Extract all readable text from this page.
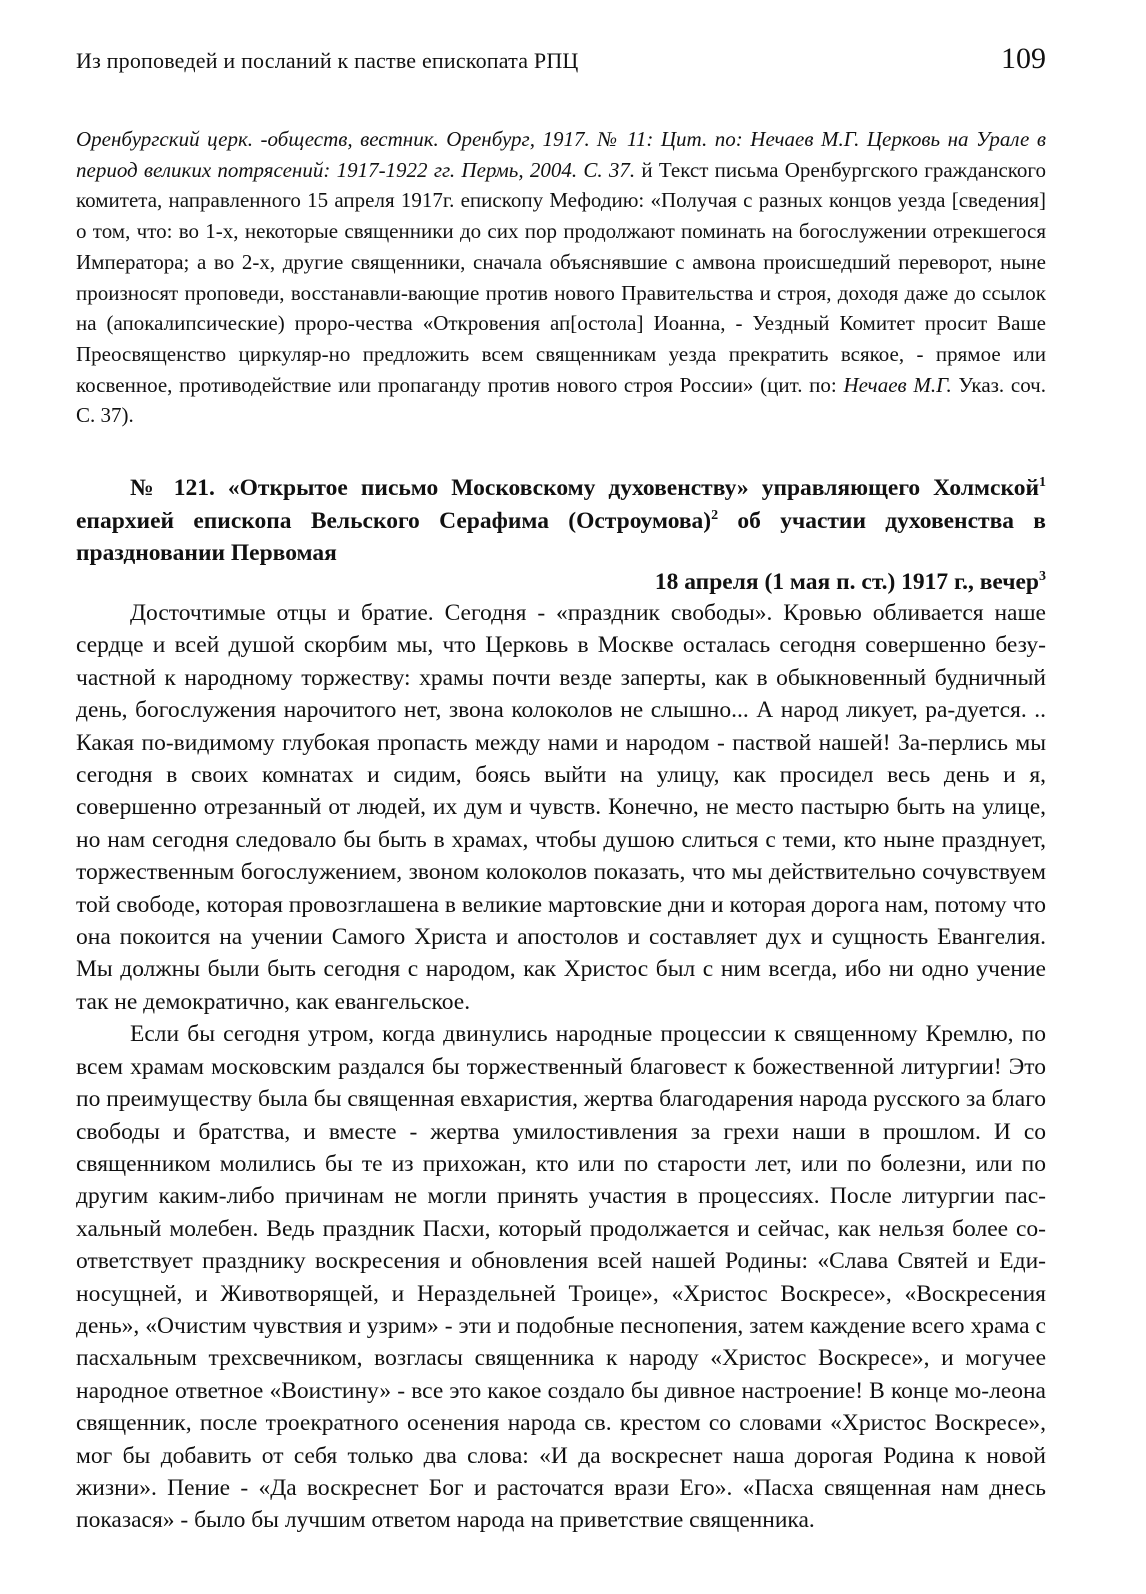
Из проповедей и посланий к пастве епископата РПЦ	109

Оренбургский церк. -обществ, вестник. Оренбург, 1917. № 11: Цит. по: Нечаев М.Г. Церковь на Урале в период великих потрясений: 1917-1922 гг. Пермь, 2004. С. 37. й Текст письма Оренбургского гражданского комитета, направленного 15 апреля 1917г. епископу Мефодию: «Получая с разных концов уезда [сведения] о том, что: во 1-х, некоторые священники до сих пор продолжают поминать на богослужении отрекшегося Императора; а во 2-х, другие священники, сначала объяснявшие с амвона происшедший переворот, ныне произносят проповеди, восстанавли-вающие против нового Правительства и строя, доходя даже до ссылок на (апокалипсические) проро-чества «Откровения ап[остола] Иоанна, - Уездный Комитет просит Ваше Преосвященство циркуляр-но предложить всем священникам уезда прекратить всякое, - прямое или косвенное, противодействие или пропаганду против нового строя России» (цит. по: Нечаев М.Г. Указ. соч. С. 37).

№ 121. «Открытое письмо Московскому духовенству» управляющего Холмской$^1$ епархией епископа Вельского Серафима (Остроумова)$^2$ об участии духовенства в праздновании Первомая

18 апреля (1 мая п. ст.) 1917 г., вечер$^3$

Досточтимые отцы и братие. Сегодня - «праздник свободы». Кровью обливается наше сердце и всей душой скорбим мы, что Церковь в Москве осталась сегодня совершенно безу-частной к народному торжеству: храмы почти везде заперты, как в обыкновенный будничный день, богослужения нарочитого нет, звона колоколов не слышно... А народ ликует, ра-дуется. .. Какая по-видимому глубокая пропасть между нами и народом - паствой нашей! За-перлись мы сегодня в своих комнатах и сидим, боясь выйти на улицу, как просидел весь день и я, совершенно отрезанный от людей, их дум и чувств. Конечно, не место пастырю быть на улице, но нам сегодня следовало бы быть в храмах, чтобы душою слиться с теми, кто ныне празднует, торжественным богослужением, звоном колоколов показать, что мы действительно сочувствуем той свободе, которая провозглашена в великие мартовские дни и которая дорога нам, потому что она покоится на учении Самого Христа и апостолов и составляет дух и сущность Евангелия. Мы должны были быть сегодня с народом, как Христос был с ним всегда, ибо ни одно учение так не демократично, как евангельское.

Если бы сегодня утром, когда двинулись народные процессии к священному Кремлю, по всем храмам московским раздался бы торжественный благовест к божественной литургии! Это по преимуществу была бы священная евхаристия, жертва благодарения народа русского за благо свободы и братства, и вместе - жертва умилостивления за грехи наши в прошлом. И со священником молились бы те из прихожан, кто или по старости лет, или по болезни, или по другим каким-либо причинам не могли принять участия в процессиях. После литургии пас-хальный молебен. Ведь праздник Пасхи, который продолжается и сейчас, как нельзя более со-ответствует празднику воскресения и обновления всей нашей Родины: «Слава Святей и Еди-носущней, и Животворящей, и Нераздельней Троице», «Христос Воскресе», «Воскресения день», «Очистим чувствия и узрим» - эти и подобные песнопения, затем каждение всего храма с пасхальным трехсвечником, возгласы священника к народу «Христос Воскресе», и могучее народное ответное «Воистину» - все это какое создало бы дивное настроение! В конце мо-леона священник, после троекратного осенения народа св. крестом со словами «Христос Воскресе», мог бы добавить от себя только два слова: «И да воскреснет наша дорогая Родина к новой жизни». Пение - «Да воскреснет Бог и расточатся врази Его». «Пасха священная нам днесь показася» - было бы лучшим ответом народа на приветствие священника.
